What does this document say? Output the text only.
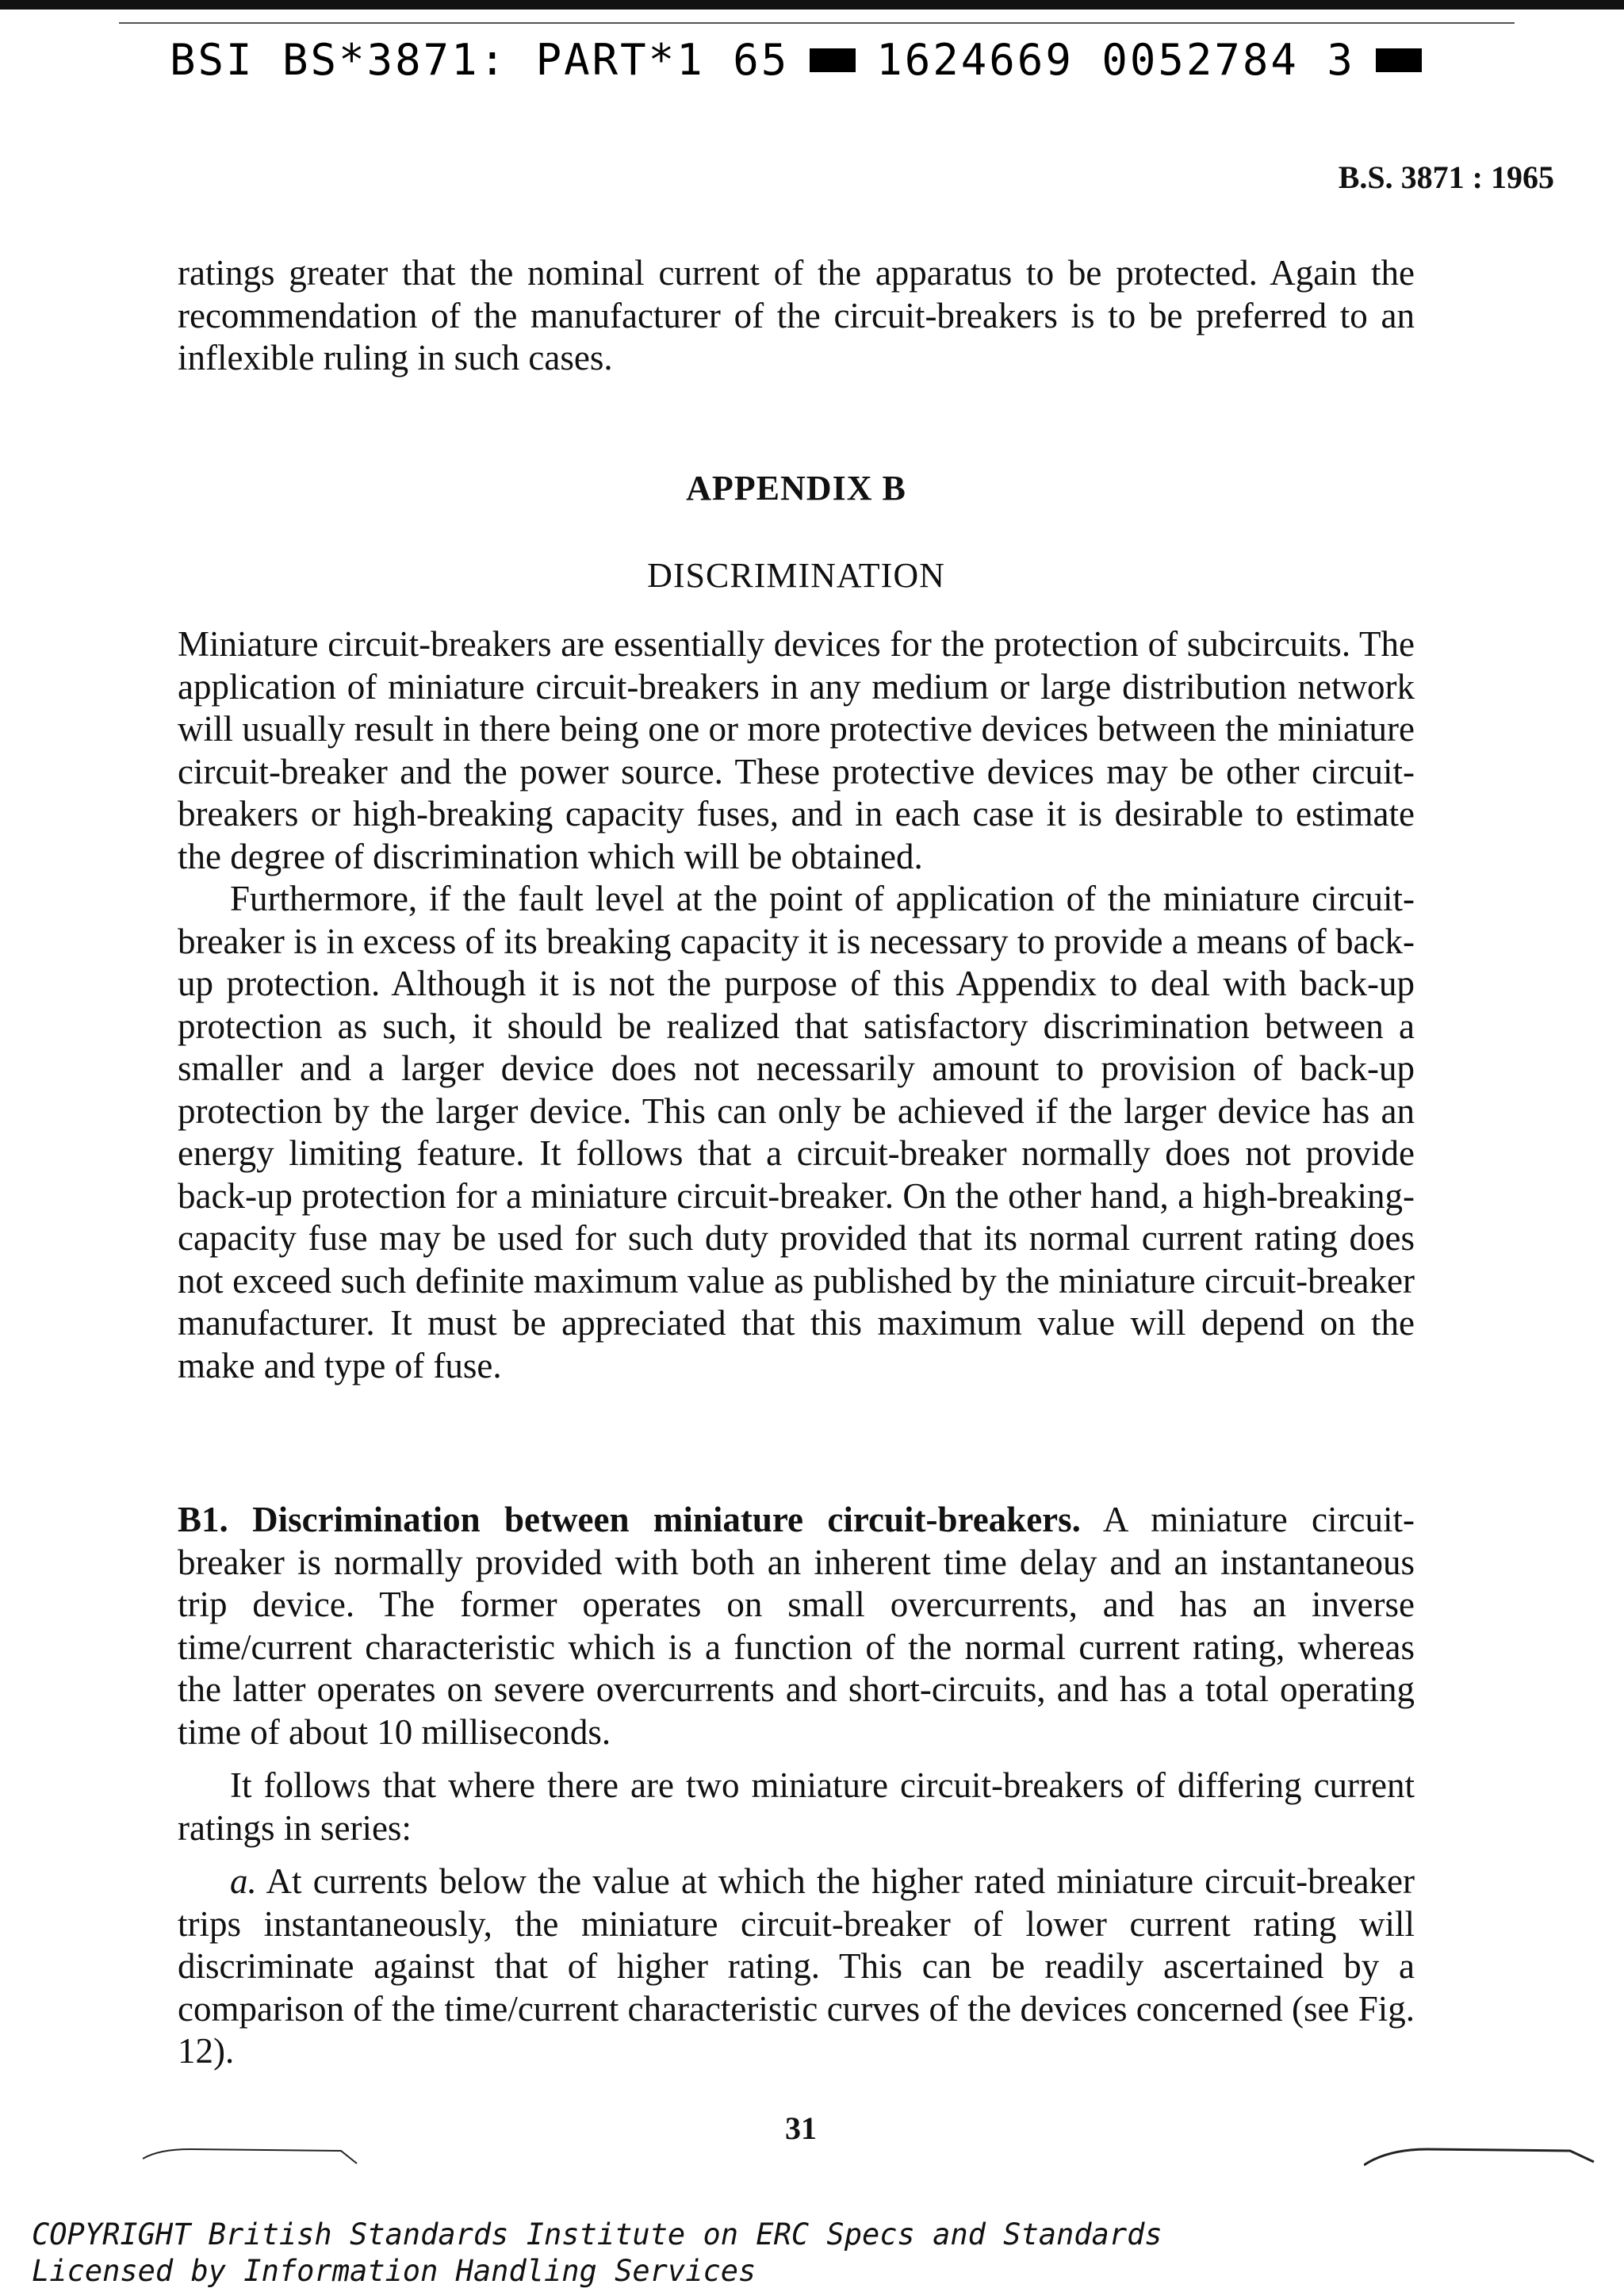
BSI BS*3871: PART*1 65 1624669 0052784 3
B.S. 3871 : 1965

ratings greater that the nominal current of the apparatus to be protected. Again the recommendation of the manufacturer of the circuit-breakers is to be preferred to an inflexible ruling in such cases.

APPENDIX B
DISCRIMINATION

Miniature circuit-breakers are essentially devices for the protection of subcircuits. The application of miniature circuit-breakers in any medium or large distribution network will usually result in there being one or more protective devices between the miniature circuit-breaker and the power source. These protective devices may be other circuit-breakers or high-breaking capacity fuses, and in each case it is desirable to estimate the degree of discrimination which will be obtained.

Furthermore, if the fault level at the point of application of the miniature circuit-breaker is in excess of its breaking capacity it is necessary to provide a means of back-up protection. Although it is not the purpose of this Appendix to deal with back-up protection as such, it should be realized that satisfactory discrimination between a smaller and a larger device does not necessarily amount to provision of back-up protection by the larger device. This can only be achieved if the larger device has an energy limiting feature. It follows that a circuit-breaker normally does not provide back-up protection for a miniature circuit-breaker. On the other hand, a high-breaking-capacity fuse may be used for such duty provided that its normal current rating does not exceed such definite maximum value as published by the miniature circuit-breaker manufacturer. It must be appreciated that this maximum value will depend on the make and type of fuse.

B1. Discrimination between miniature circuit-breakers. A miniature circuit-breaker is normally provided with both an inherent time delay and an instantaneous trip device. The former operates on small overcurrents, and has an inverse time/current characteristic which is a function of the normal current rating, whereas the latter operates on severe overcurrents and short-circuits, and has a total operating time of about 10 milliseconds.

It follows that where there are two miniature circuit-breakers of differing current ratings in series:

a. At currents below the value at which the higher rated miniature circuit-breaker trips instantaneously, the miniature circuit-breaker of lower current rating will discriminate against that of higher rating. This can be readily ascertained by a comparison of the time/current characteristic curves of the devices concerned (see Fig. 12).

31
COPYRIGHT British Standards Institute on ERC Specs and Standards
Licensed by Information Handling Services
